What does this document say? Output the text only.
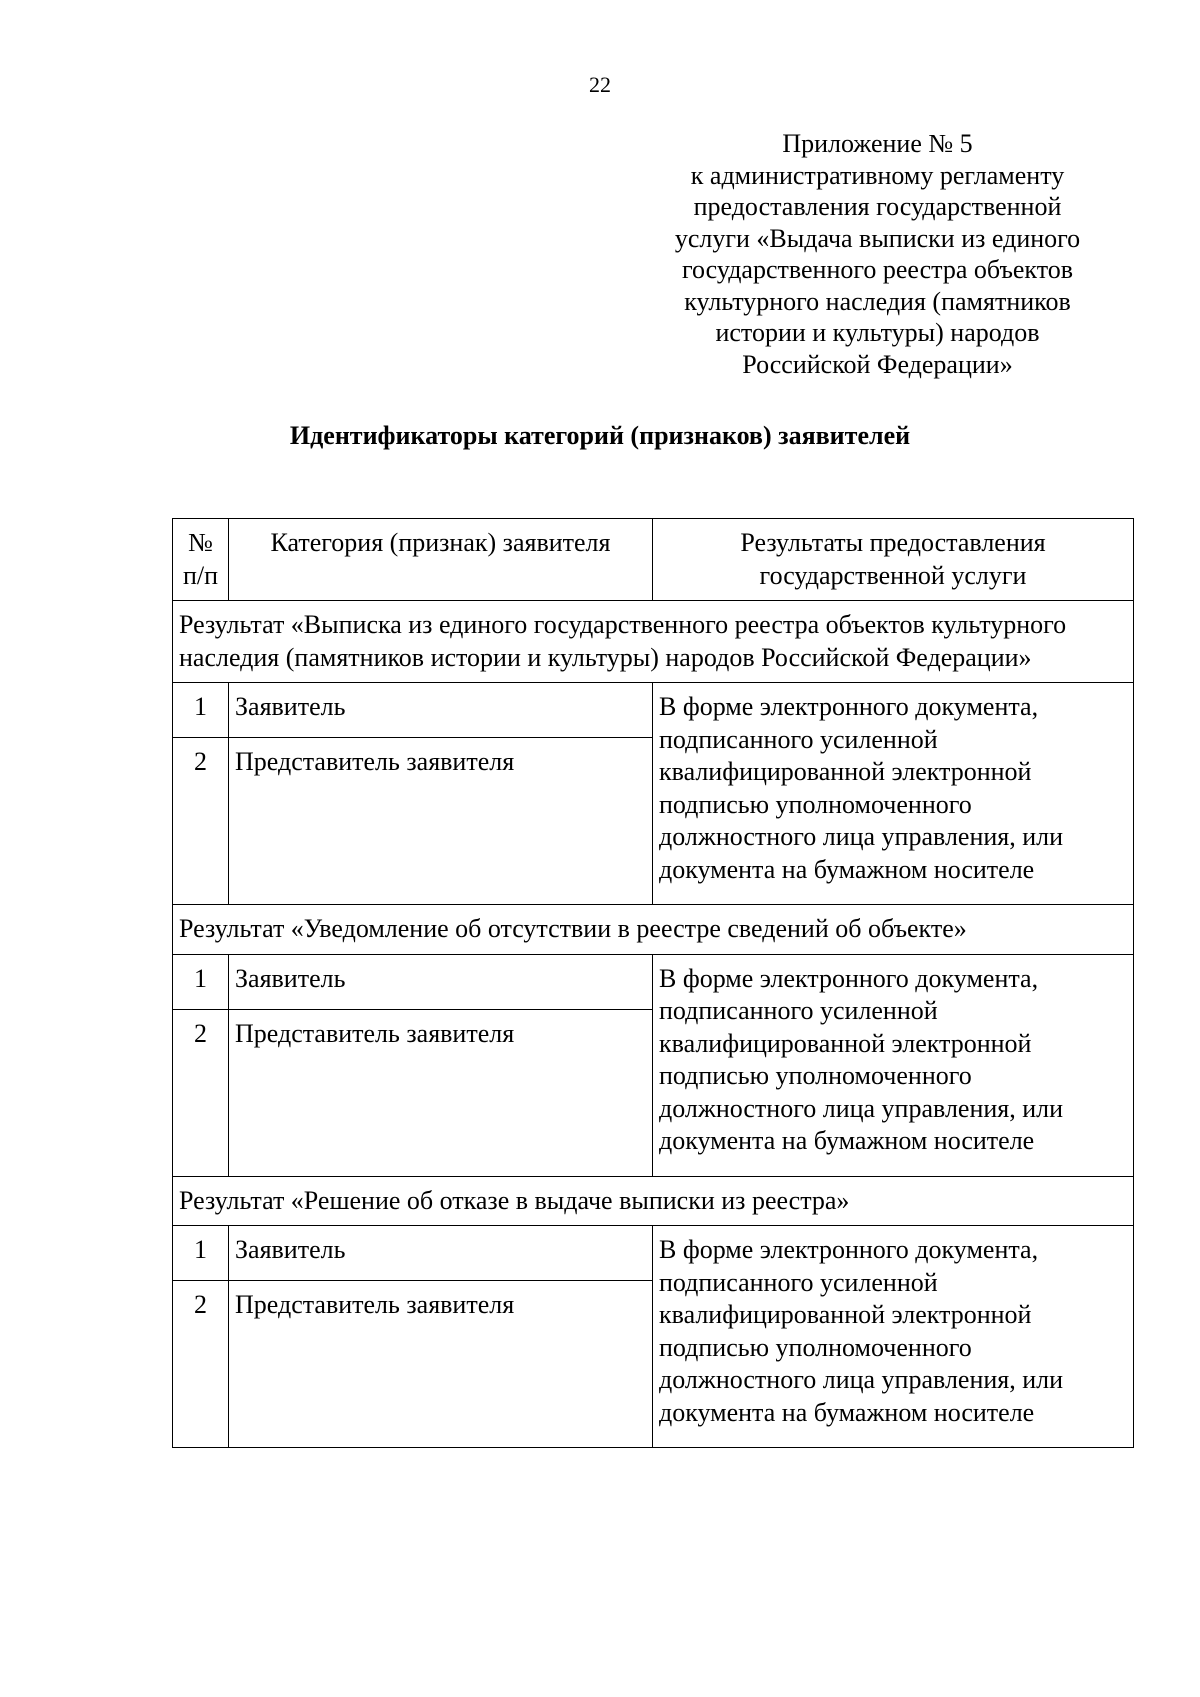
22
Приложение № 5
к административному регламенту
предоставления государственной
услуги «Выдача выписки из единого
государственного реестра объектов
культурного наследия (памятников
истории и культуры) народов
Российской Федерации»
Идентификаторы категорий (признаков) заявителей
№ п/п	Категория (признак) заявителя	Результаты предоставления государственной услуги
Результат «Выписка из единого государственного реестра объектов культурного наследия (памятников истории и культуры) народов Российской Федерации»		
1	Заявитель	В форме электронного документа, подписанного усиленной квалифицированной электронной подписью уполномоченного должностного лица управления, или документа на бумажном носителе
2	Представитель заявителя	
Результат «Уведомление об отсутствии в реестре сведений об объекте»		
1	Заявитель	В форме электронного документа, подписанного усиленной квалифицированной электронной подписью уполномоченного должностного лица управления, или документа на бумажном носителе
2	Представитель заявителя	
Результат «Решение об отказе в выдаче выписки из реестра»		
1	Заявитель	В форме электронного документа, подписанного усиленной квалифицированной электронной подписью уполномоченного должностного лица управления, или документа на бумажном носителе
2	Представитель заявителя	
